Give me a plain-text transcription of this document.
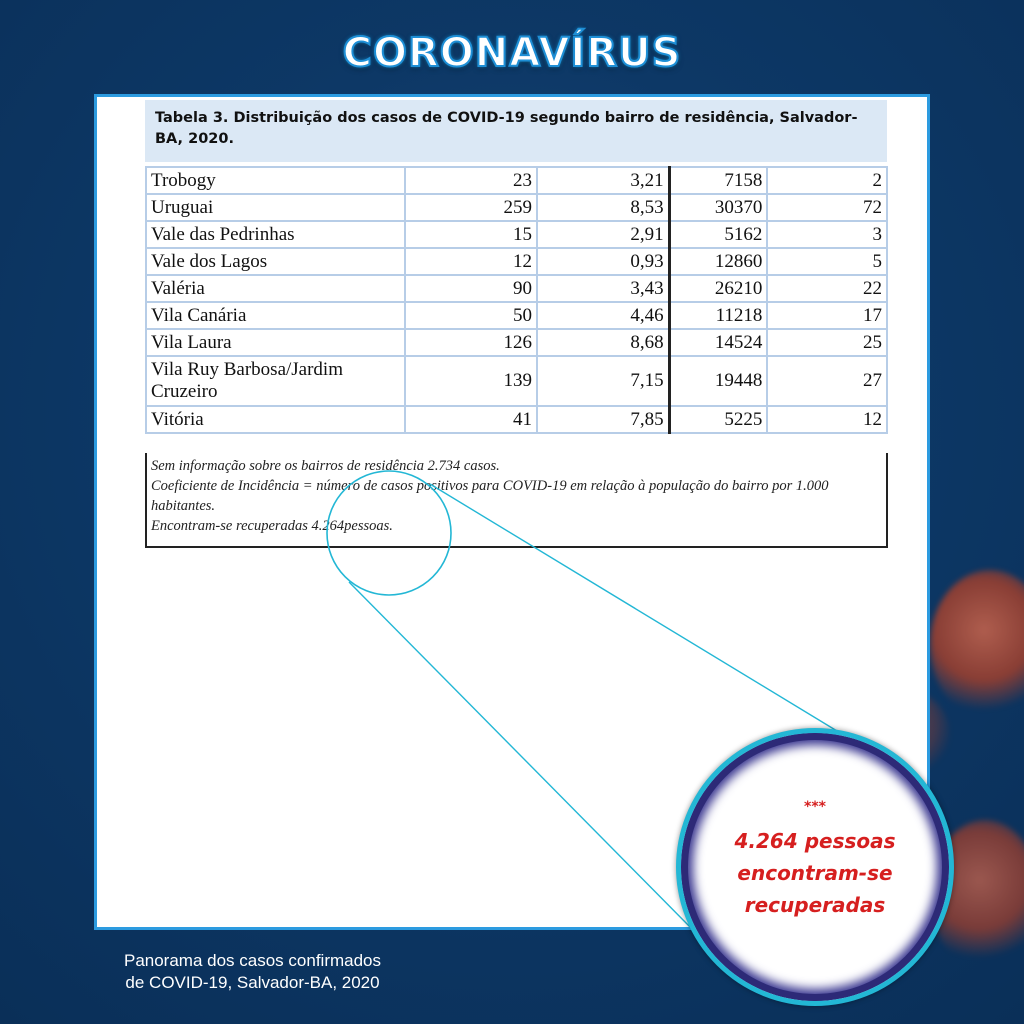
CORONAVÍRUS
Tabela 3. Distribuição dos casos de COVID-19 segundo bairro de residência, Salvador-BA, 2020.
Trobogy	23	3,21	7158	2
Uruguai	259	8,53	30370	72
Vale das Pedrinhas	15	2,91	5162	3
Vale dos Lagos	12	0,93	12860	5
Valéria	90	3,43	26210	22
Vila Canária	50	4,46	11218	17
Vila Laura	126	8,68	14524	25
Vila Ruy Barbosa/Jardim Cruzeiro	139	7,15	19448	27
Vitória	41	7,85	5225	12
Sem informação sobre os bairros de residência 2.734 casos.
Coeficiente de Incidência = número de casos positivos para COVID-19 em relação à população do bairro por 1.000 habitantes.
Encontram-se recuperadas 4.264pessoas.
***
4.264 pessoas
encontram-se
recuperadas
Panorama dos casos confirmados
de COVID-19, Salvador-BA, 2020
